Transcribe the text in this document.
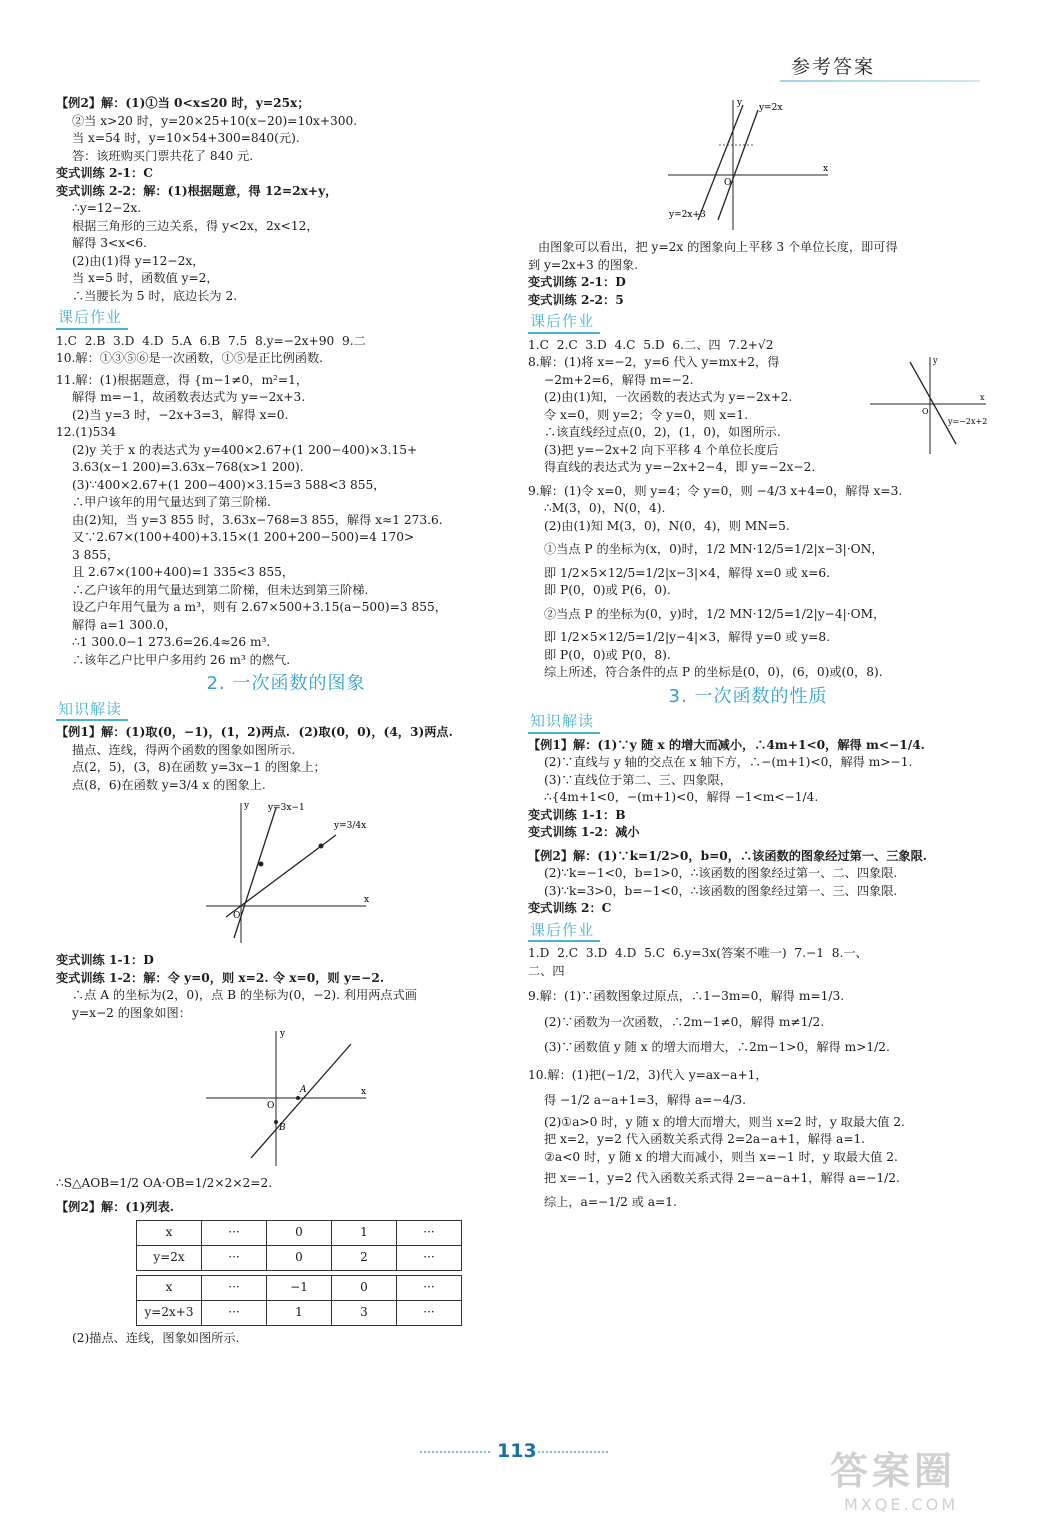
参考答案
【例2】解：(1)①当 0<x≤20 时，y=25x；
②当 x>20 时，y=20×25+10(x−20)=10x+300.
当 x=54 时，y=10×54+300=840(元).
答：该班购买门票共花了 840 元.
变式训练 2-1：C
变式训练 2-2：解：(1)根据题意，得 12=2x+y，
∴y=12−2x.
根据三角形的三边关系，得 y<2x，2x<12，
解得 3<x<6.
(2)由(1)得 y=12−2x，
当 x=5 时，函数值 y=2，
∴当腰长为 5 时，底边长为 2.
课后作业
1.C  2.B  3.D  4.D  5.A  6.B  7.5  8.y=−2x+90  9.二
10.解：①③⑤⑥是一次函数，①⑤是正比例函数.
11.解：(1)根据题意，得 {m−1≠0，m²=1，
解得 m=−1，故函数表达式为 y=−2x+3.
(2)当 y=3 时，−2x+3=3，解得 x=0.
12.(1)534
(2)y 关于 x 的表达式为 y=400×2.67+(1 200−400)×3.15+
3.63(x−1 200)=3.63x−768(x>1 200).
(3)∵400×2.67+(1 200−400)×3.15=3 588<3 855，
∴甲户该年的用气量达到了第三阶梯.
由(2)知，当 y=3 855 时，3.63x−768=3 855，解得 x≈1 273.6.
又∵2.67×(100+400)+3.15×(1 200+200−500)=4 170>
3 855，
且 2.67×(100+400)=1 335<3 855，
∴乙户该年的用气量达到第二阶梯，但未达到第三阶梯.
设乙户年用气量为 a m³，则有 2.67×500+3.15(a−500)=3 855，
解得 a=1 300.0，
∴1 300.0−1 273.6=26.4≈26 m³.
∴该年乙户比甲户多用约 26 m³ 的燃气.
2. 一次函数的图象
知识解读
【例1】解：(1)取(0，−1)，(1，2)两点.  (2)取(0，0)，(4，3)两点.
描点、连线，得两个函数的图象如图所示.
点(2，5)，(3，8)在函数 y=3x−1 的图象上；
点(8，6)在函数 y=3/4 x 的图象上.
y=3x−1
y=3/4x
y
x
O
变式训练 1-1：D
变式训练 1-2：解：令 y=0，则 x=2. 令 x=0，则 y=−2.
∴点 A 的坐标为(2，0)，点 B 的坐标为(0，−2). 利用两点式画
y=x−2 的图象如图：
A
B
O
x
y
∴S△AOB=1/2 OA·OB=1/2×2×2=2.
【例2】解：(1)列表.
x	···	0	1	···
y=2x	···	0	2	···
x	···	−1	0	···
y=2x+3	···	1	3	···
(2)描点、连线，图象如图所示.
y=2x
y=2x+3
y
x
O
由图象可以看出，把 y=2x 的图象向上平移 3 个单位长度，即可得
到 y=2x+3 的图象.
变式训练 2-1：D
变式训练 2-2：5
课后作业
1.C  2.C  3.D  4.C  5.D  6.二、四  7.2+√2
y=−2x+2
y
x
O
8.解：(1)将 x=−2，y=6 代入 y=mx+2，得
−2m+2=6，解得 m=−2.
(2)由(1)知，一次函数的表达式为 y=−2x+2.
令 x=0，则 y=2；令 y=0，则 x=1.
∴该直线经过点(0，2)，(1，0)，如图所示.
(3)把 y=−2x+2 向下平移 4 个单位长度后
得直线的表达式为 y=−2x+2−4，即 y=−2x−2.
9.解：(1)令 x=0，则 y=4；令 y=0，则 −4/3 x+4=0，解得 x=3.
∴M(3，0)，N(0，4).
(2)由(1)知 M(3，0)，N(0，4)，则 MN=5.
①当点 P 的坐标为(x，0)时，1/2 MN·12/5=1/2|x−3|·ON，
即 1/2×5×12/5=1/2|x−3|×4，解得 x=0 或 x=6.
即 P(0，0)或 P(6，0).
②当点 P 的坐标为(0，y)时，1/2 MN·12/5=1/2|y−4|·OM，
即 1/2×5×12/5=1/2|y−4|×3，解得 y=0 或 y=8.
即 P(0，0)或 P(0，8).
综上所述，符合条件的点 P 的坐标是(0，0)，(6，0)或(0，8).
3. 一次函数的性质
知识解读
【例1】解：(1)∵y 随 x 的增大而减小，∴4m+1<0，解得 m<−1/4.
(2)∵直线与 y 轴的交点在 x 轴下方，∴−(m+1)<0，解得 m>−1.
(3)∵直线位于第二、三、四象限，
∴{4m+1<0，−(m+1)<0，解得 −1<m<−1/4.
变式训练 1-1：B
变式训练 1-2：减小
【例2】解：(1)∵k=1/2>0，b=0，∴该函数的图象经过第一、三象限.
(2)∵k=−1<0，b=1>0，∴该函数的图象经过第一、二、四象限.
(3)∵k=3>0，b=−1<0，∴该函数的图象经过第一、三、四象限.
变式训练 2：C
课后作业
1.D  2.C  3.D  4.D  5.C  6.y=3x(答案不唯一)  7.−1  8.一、
二、四
9.解：(1)∵函数图象过原点，∴1−3m=0，解得 m=1/3.
(2)∵函数为一次函数，∴2m−1≠0，解得 m≠1/2.
(3)∵函数值 y 随 x 的增大而增大，∴2m−1>0，解得 m>1/2.
10.解：(1)把(−1/2，3)代入 y=ax−a+1，
得 −1/2 a−a+1=3，解得 a=−4/3.
(2)①a>0 时，y 随 x 的增大而增大，则当 x=2 时，y 取最大值 2.
把 x=2，y=2 代入函数关系式得 2=2a−a+1，解得 a=1.
②a<0 时，y 随 x 的增大而减小，则当 x=−1 时，y 取最大值 2.
把 x=−1，y=2 代入函数关系式得 2=−a−a+1，解得 a=−1/2.
综上，a=−1/2 或 a=1.
113	答案圈
MXQE.COM
